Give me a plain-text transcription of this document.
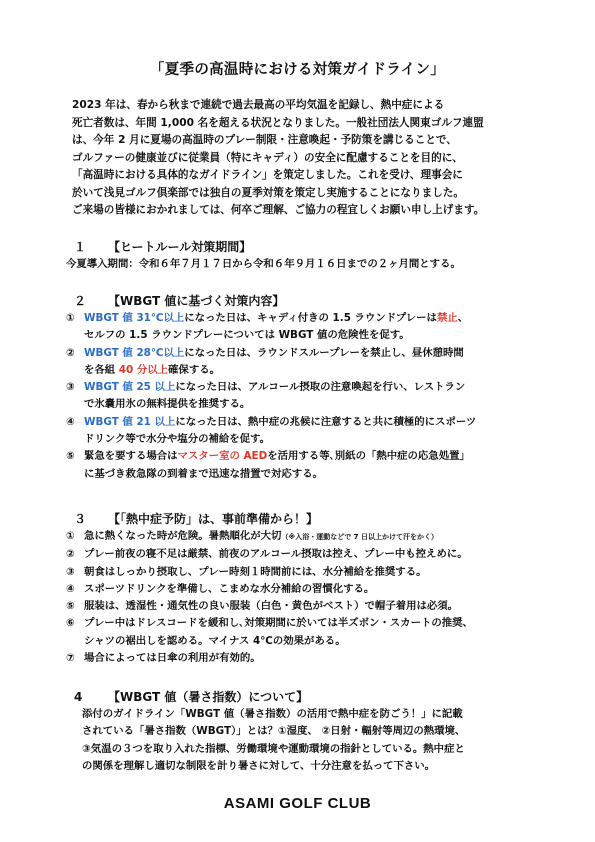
「夏季の高温時における対策ガイドライン」
2023 年は、春から秋まで連続で過去最高の平均気温を記録し、熱中症による
死亡者数は、年間 1,000 名を超える状況となりました。一般社団法人関東ゴルフ連盟
は、今年 2 月に夏場の高温時のプレー制限・注意喚起・予防策を講じることで、
ゴルファーの健康並びに従業員（特にキャディ）の安全に配慮することを目的に、
「高温時における具体的なガイドライン」を策定しました。これを受け、理事会に
於いて浅見ゴルフ倶楽部では独自の夏季対策を策定し実施することになりました。
ご来場の皆様におかれましては、何卒ご理解、ご協力の程宜しくお願い申し上げます。
１ 【ヒートルール対策期間】
今夏導入期間：令和６年７月１７日から令和６年９月１６日までの２ヶ月間とする。
２ 【WBGT 値に基づく対策内容】
① WBGT 値 31℃以上になった日は、キャディ付きの 1.5 ラウンドプレーは禁止、
セルフの 1.5 ラウンドプレーについては WBGT 値の危険性を促す。
② WBGT 値 28℃以上になった日は、ラウンドスループレーを禁止し、昼休憩時間
を各組 40 分以上確保する。
③ WBGT 値 25 以上になった日は、アルコール摂取の注意喚起を行い、レストラン
で氷嚢用氷の無料提供を推奨する。
④ WBGT 値 21 以上になった日は、熱中症の兆候に注意すると共に積極的にスポーツ
ドリンク等で水分や塩分の補給を促す。
⑤ 緊急を要する場合はマスター室の AEDを活用する等､別紙の「熱中症の応急処置」
に基づき救急隊の到着まで迅速な措置で対応する。
３ 【「熱中症予防」は、事前準備から！】
① 急に熱くなった時が危険。暑熱順化が大切（※入浴・運動などで 7 日以上かけて汗をかく）
② プレー前夜の寝不足は厳禁、前夜のアルコール摂取は控え、プレー中も控えめに。
③ 朝食はしっかり摂取し、プレー時刻１時間前には、水分補給を推奨する。
④ スポーツドリンクを準備し、こまめな水分補給の習慣化する。
⑤ 服装は、透湿性・通気性の良い服装（白色・黄色がベスト）で帽子着用は必須。
⑥ プレー中はドレスコードを緩和し､対策期間に於いては半ズボン・スカートの推奨、
シャツの裾出しを認める。マイナス 4℃の効果がある。
⑦ 場合によっては日傘の利用が有効的。
4 【WBGT 値（暑さ指数）について】
添付のガイドライン「WBGT 値（暑さ指数）の活用で熱中症を防ごう！」に記載
されている「暑さ指数（WBGT）」とは？①湿度、 ②日射・輻射等周辺の熱環境、
③気温の３つを取り入れた指標、労働環境や運動環境の指針としている。熱中症と
の関係を理解し適切な制限を計り暑さに対して、十分注意を払って下さい。
ASAMI GOLF CLUB
